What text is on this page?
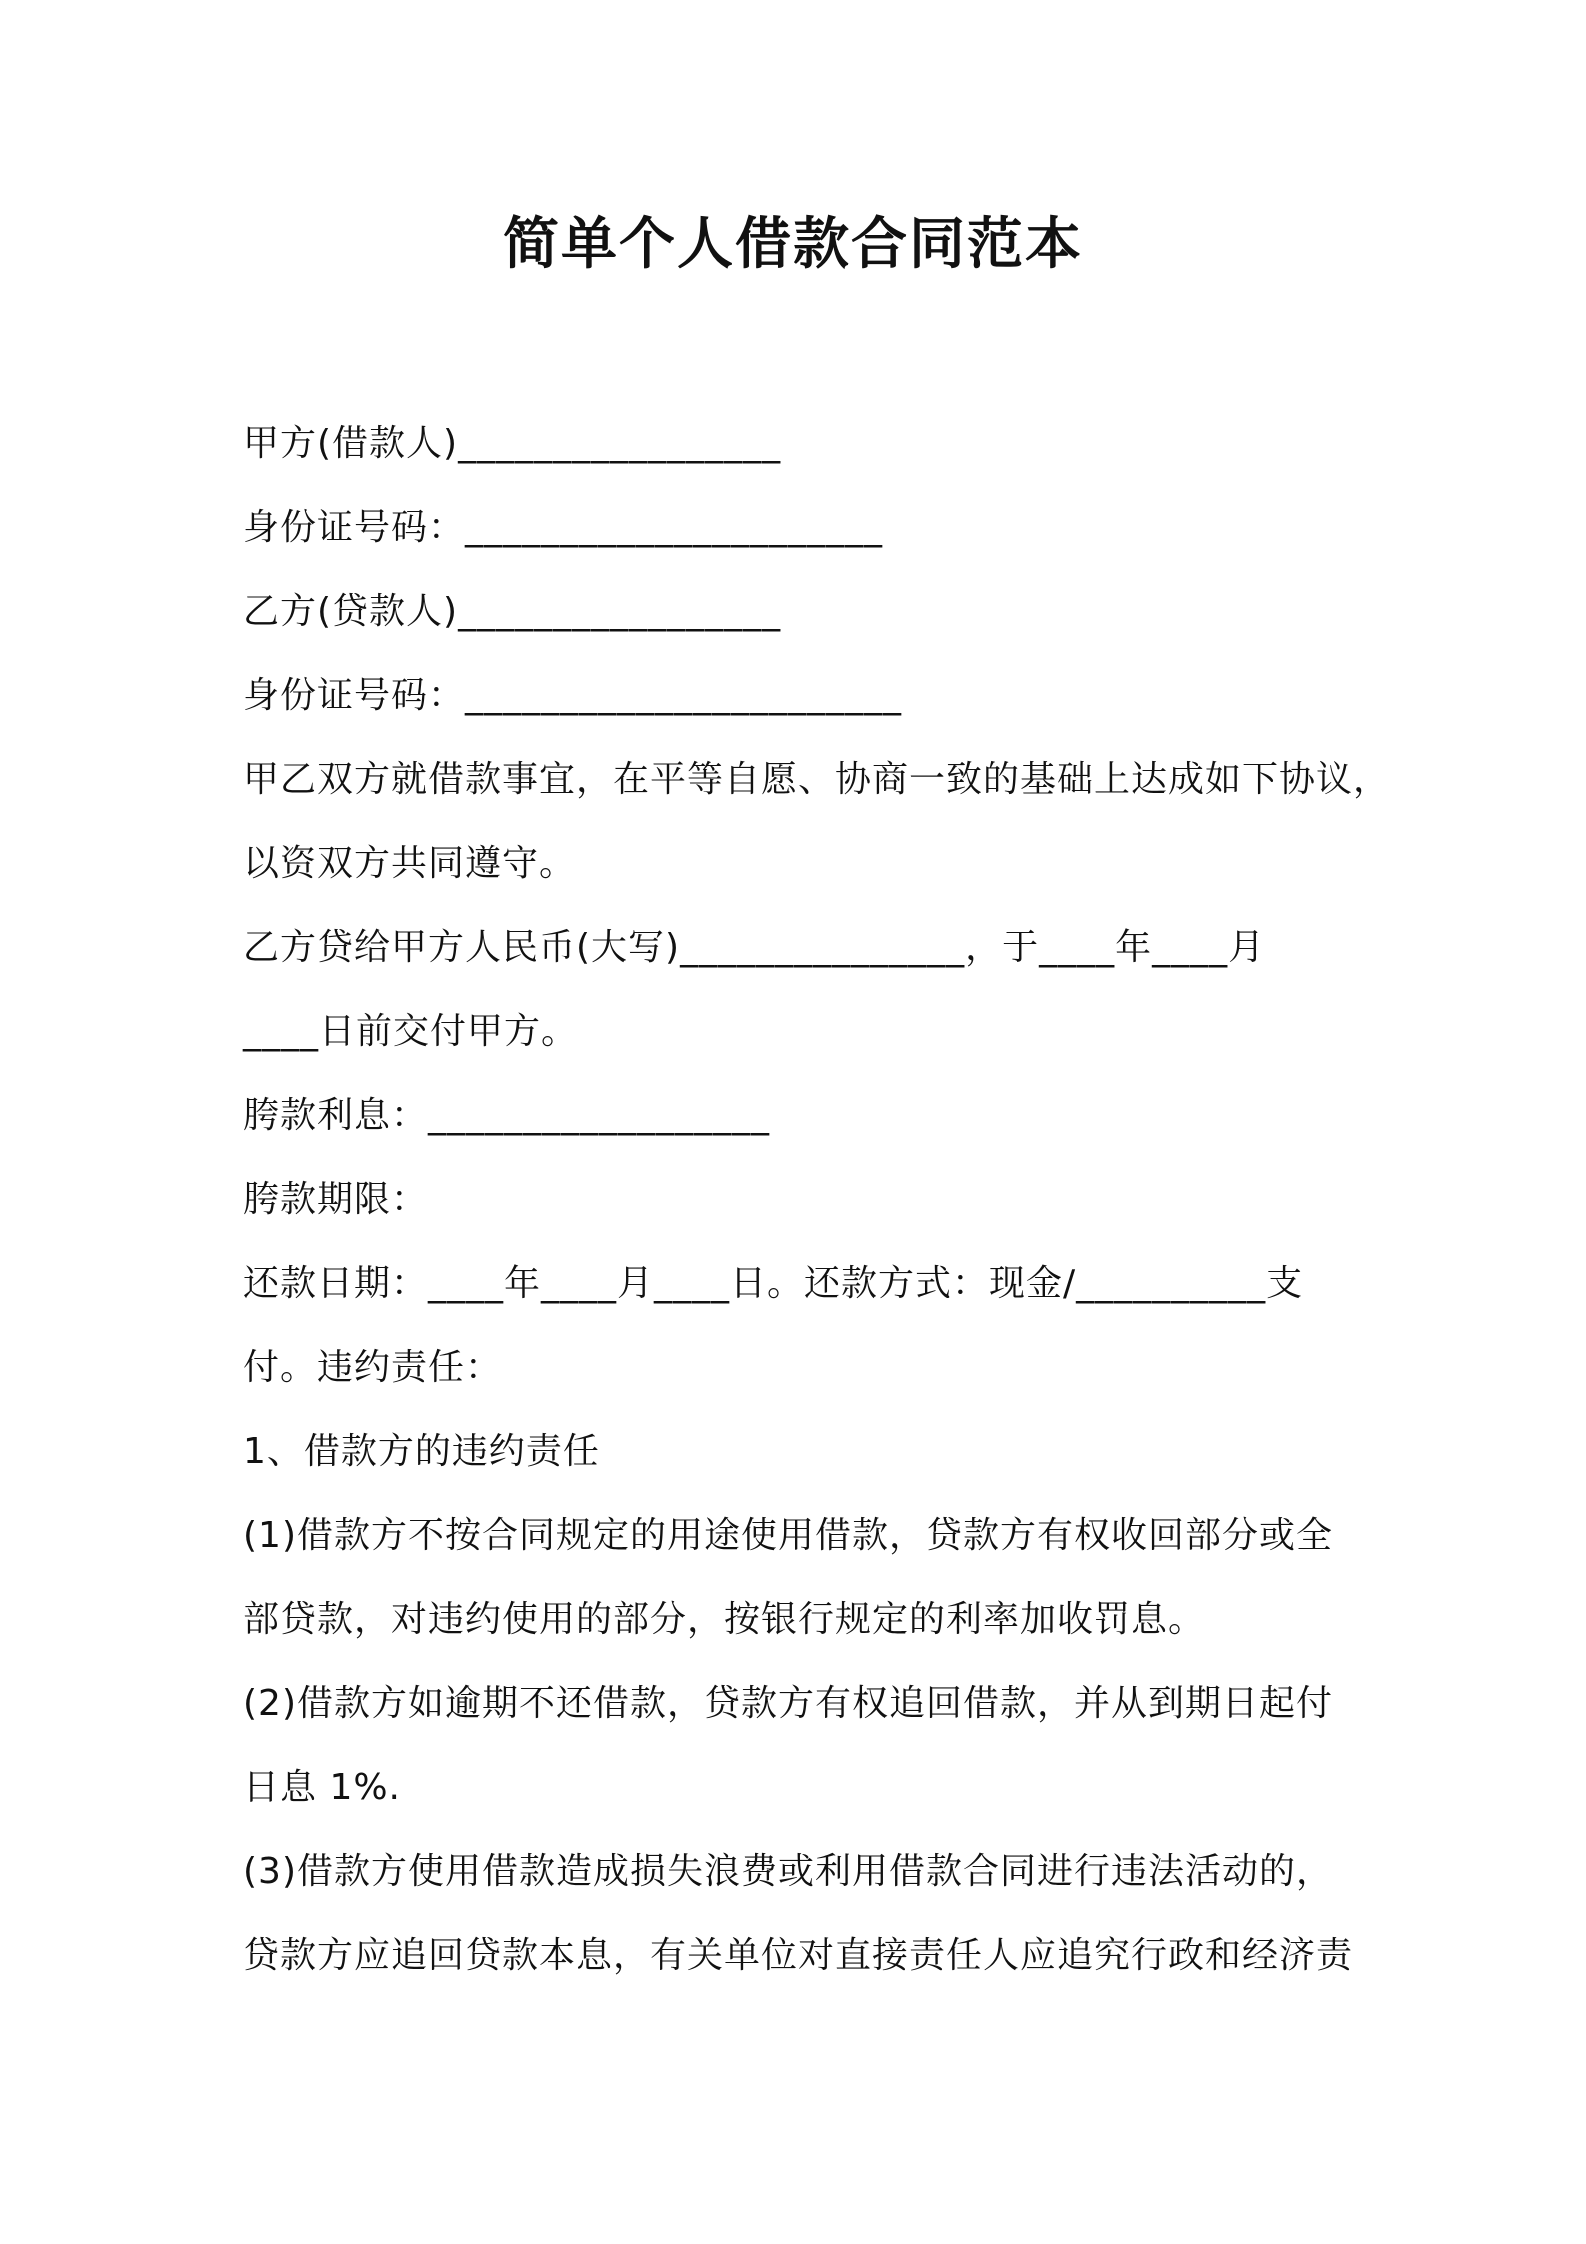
简单个人借款合同范本
甲方(借款人)_________________
身份证号码：______________________
乙方(贷款人)_________________
身份证号码：_______________________
甲乙双方就借款事宜，在平等自愿、协商一致的基础上达成如下协议，
以资双方共同遵守。
乙方贷给甲方人民币(大写)_______________，于____年____月
____日前交付甲方。
胯款利息：__________________
胯款期限：
还款日期：____年____月____日。还款方式：现金/__________支
付。违约责任：
1、借款方的违约责任
(1)借款方不按合同规定的用途使用借款，贷款方有权收回部分或全
部贷款，对违约使用的部分，按银行规定的利率加收罚息。
(2)借款方如逾期不还借款，贷款方有权追回借款，并从到期日起付
日息 1%.
(3)借款方使用借款造成损失浪费或利用借款合同进行违法活动的，
贷款方应追回贷款本息，有关单位对直接责任人应追究行政和经济责
